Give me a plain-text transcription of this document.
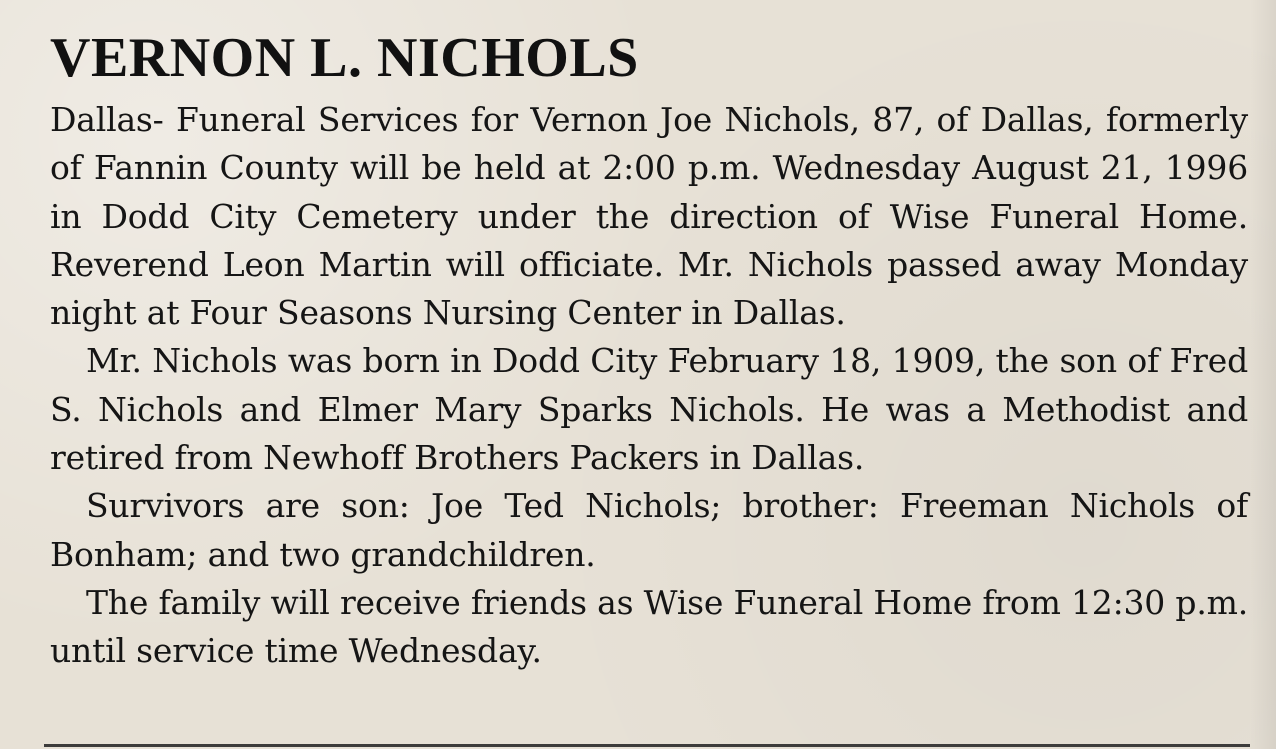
VERNON L. NICHOLS

Dallas- Funeral Services for Vernon Joe Nichols, 87, of Dallas, formerly of Fannin County will be held at 2:00 p.m. Wednesday August 21, 1996 in Dodd City Cemetery under the direction of Wise Funeral Home. Reverend Leon Martin will officiate. Mr. Nichols passed away Monday night at Four Seasons Nursing Center in Dallas.

Mr. Nichols was born in Dodd City February 18, 1909, the son of Fred S. Nichols and Elmer Mary Sparks Nichols. He was a Methodist and retired from Newhoff Brothers Packers in Dallas.

Survivors are son: Joe Ted Nichols; brother: Freeman Nichols of Bonham; and two grandchildren.

The family will receive friends as Wise Funeral Home from 12:30 p.m. until service time Wednesday.
